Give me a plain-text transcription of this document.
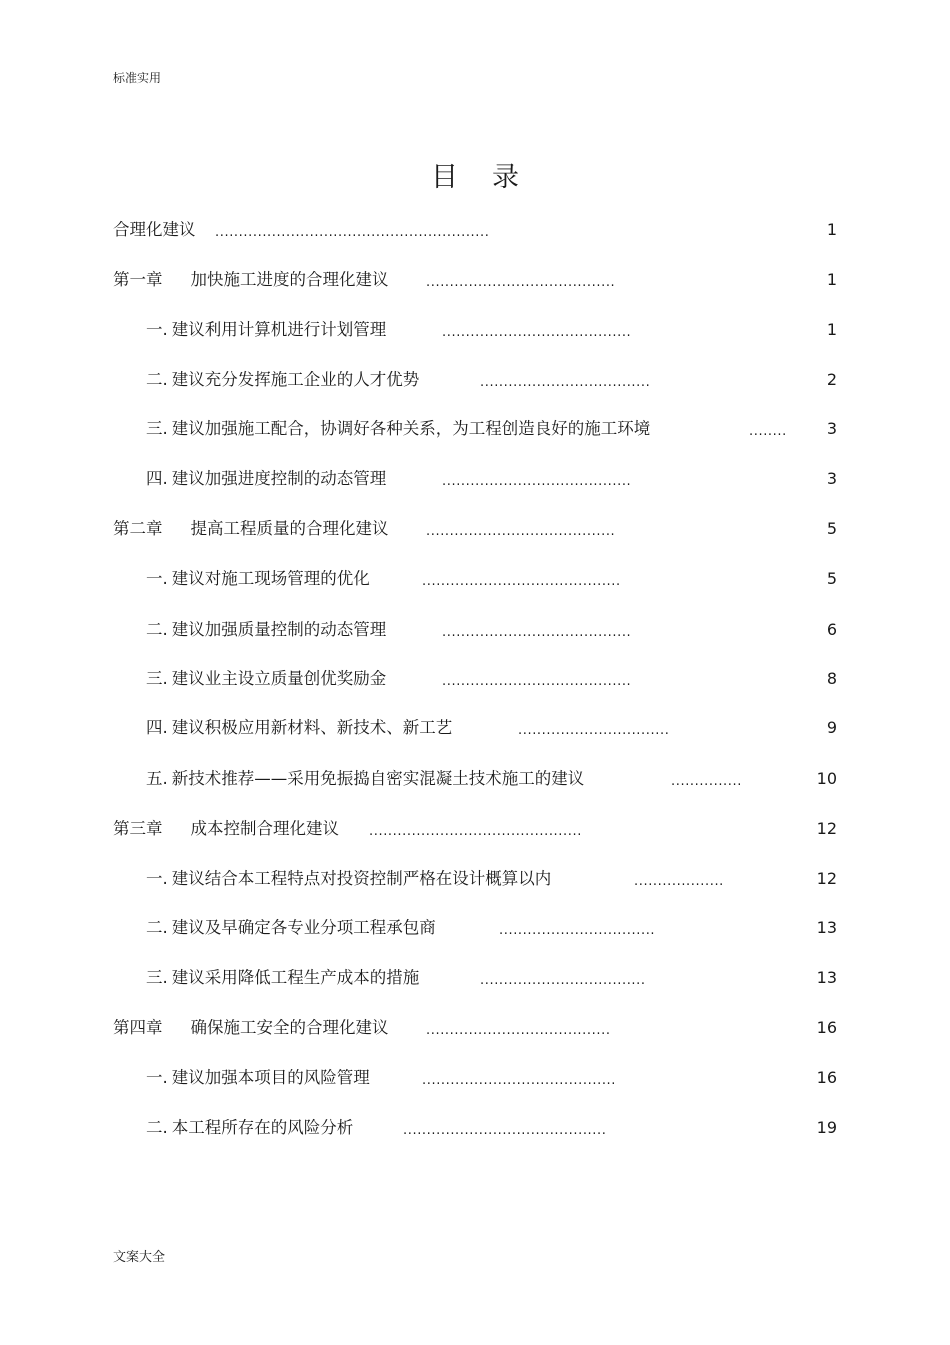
标准实用
目录
合理化建议 ..........................................................	1
第一章 加快施工进度的合理化建议	........................................	1
一. 建议利用计算机进行计划管理	........................................	1
二. 建议充分发挥施工企业的人才优势	....................................	2
三. 建议加强施工配合，协调好各种关系，为工程创造良好的施工环境	........ 3
四. 建议加强进度控制的动态管理	........................................	3
第二章 提高工程质量的合理化建议	........................................	5
一. 建议对施工现场管理的优化	..........................................	5
二. 建议加强质量控制的动态管理	........................................	6
三. 建议业主设立质量创优奖励金	........................................	8
四. 建议积极应用新材料、新技术、新工艺	................................	9
五. 新技术推荐——采用免振捣自密实混凝土技术施工的建议	...............	10
第三章 成本控制合理化建议 .............................................	12
一. 建议结合本工程特点对投资控制严格在设计概算以内	...................	12
二. 建议及早确定各专业分项工程承包商	.................................	13
三. 建议采用降低工程生产成本的措施	...................................	13
第四章 确保施工安全的合理化建议	.......................................	16
一. 建议加强本项目的风险管理	.........................................	16
二. 本工程所存在的风险分析	...........................................	19
文案大全
